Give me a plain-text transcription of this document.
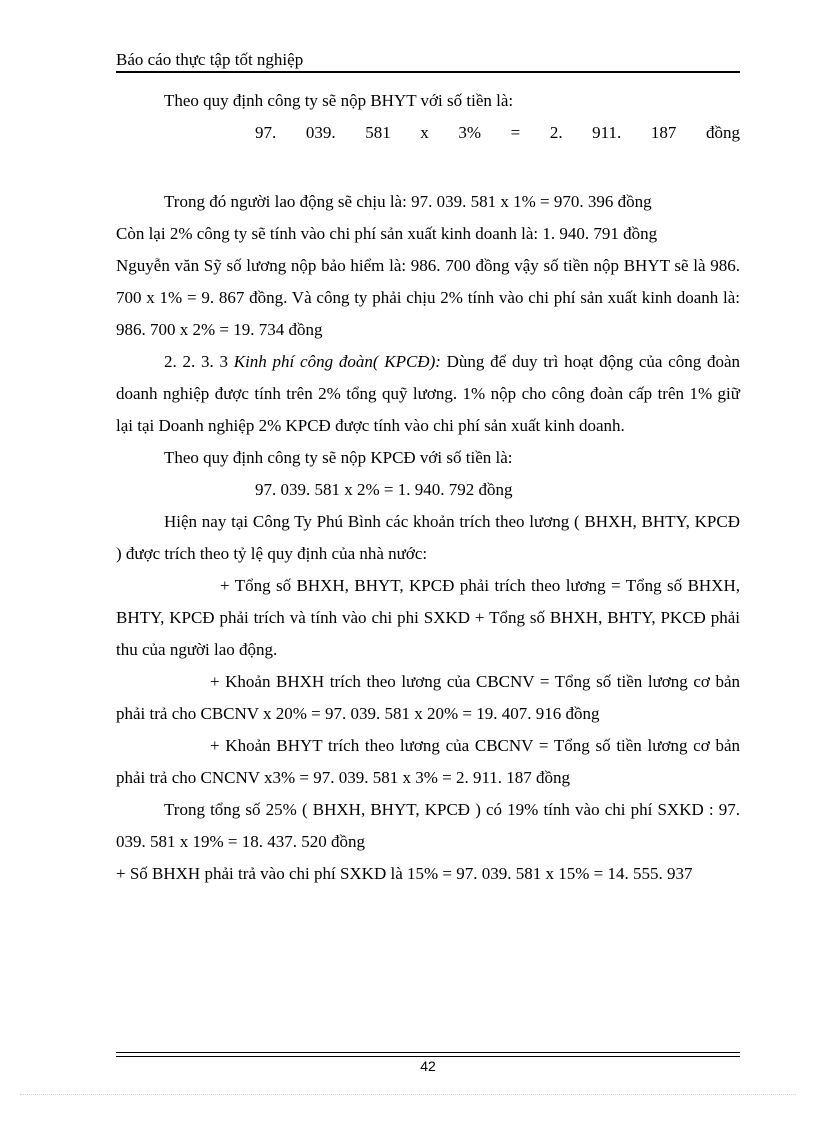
Báo cáo thực tập tốt nghiệp

Theo quy định công ty sẽ nộp BHYT với số tiền là:

97. 039. 581 x 3% = 2. 911. 187 đồng

Trong đó người lao động sẽ chịu là: 97. 039. 581 x 1% = 970. 396 đồng

Còn lại 2% công ty sẽ tính vào chi phí sản xuất kinh doanh là: 1. 940. 791 đồng

Nguyễn văn Sỹ số lương nộp bảo hiểm là: 986. 700 đồng vậy số tiền nộp BHYT sẽ là 986. 700 x 1% = 9. 867 đồng. Và công ty phải chịu 2% tính vào chi phí sản xuất kinh doanh là: 986. 700 x 2% = 19. 734 đồng

2. 2. 3. 3 Kinh phí công đoàn( KPCĐ): Dùng để duy trì hoạt động của công đoàn doanh nghiệp được tính trên 2% tổng quỹ lương. 1% nộp cho công đoàn cấp trên 1% giữ lại tại Doanh nghiệp 2% KPCĐ được tính vào chi phí sản xuất kinh doanh.

Theo quy định công ty sẽ nộp KPCĐ với số tiền là:

97. 039. 581 x 2% = 1. 940. 792 đồng

Hiện nay tại Công Ty Phú Bình các khoản trích theo lương ( BHXH, BHTY, KPCĐ ) được trích theo tỷ lệ quy định của nhà nước:

+ Tổng số BHXH, BHYT, KPCĐ phải trích theo lương = Tổng số BHXH, BHTY, KPCĐ phải trích và tính vào chi phi SXKD + Tổng số BHXH, BHTY, PKCĐ phải thu của người lao động.

+ Khoản BHXH trích theo lương của CBCNV = Tổng số tiền lương cơ bản phải trả cho CBCNV x 20% = 97. 039. 581 x 20% = 19. 407. 916 đồng

+ Khoản BHYT trích theo lương của CBCNV = Tổng số tiền lương cơ bản phải trả cho CNCNV x3% = 97. 039. 581 x 3% = 2. 911. 187 đồng

Trong tổng số 25% ( BHXH, BHYT, KPCĐ ) có 19% tính vào chi phí SXKD : 97. 039. 581 x 19% = 18. 437. 520 đồng

+ Số BHXH phải trả vào chi phí SXKD là 15% = 97. 039. 581 x 15% = 14. 555. 937

42
